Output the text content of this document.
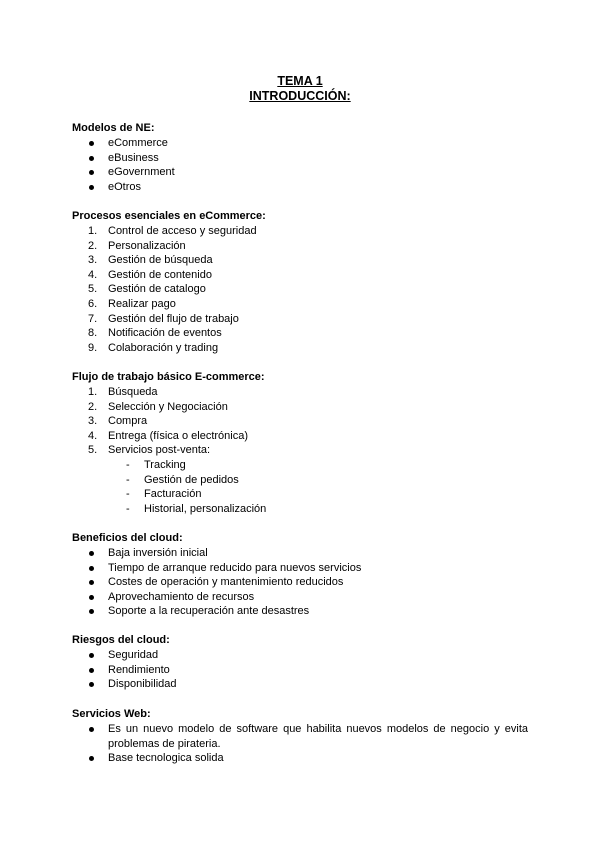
TEMA 1
INTRODUCCIÓN:
Modelos de NE:
eCommerce
eBusiness
eGovernment
eOtros
Procesos esenciales en eCommerce:
1. Control de acceso y seguridad
2. Personalización
3. Gestión de búsqueda
4. Gestión de contenido
5. Gestión de catalogo
6. Realizar pago
7. Gestión del flujo de trabajo
8. Notificación de eventos
9. Colaboración y trading
Flujo de trabajo básico E-commerce:
1. Búsqueda
2. Selección y Negociación
3. Compra
4. Entrega (física o electrónica)
5. Servicios post-venta:
- Tracking
- Gestión de pedidos
- Facturación
- Historial, personalización
Beneficios del cloud:
Baja inversión inicial
Tiempo de arranque reducido para nuevos servicios
Costes de operación y mantenimiento reducidos
Aprovechamiento de recursos
Soporte a la recuperación ante desastres
Riesgos del cloud:
Seguridad
Rendimiento
Disponibilidad
Servicios Web:
Es un nuevo modelo de software que habilita nuevos modelos de negocio y evita problemas de pirateria.
Base tecnologica solida
